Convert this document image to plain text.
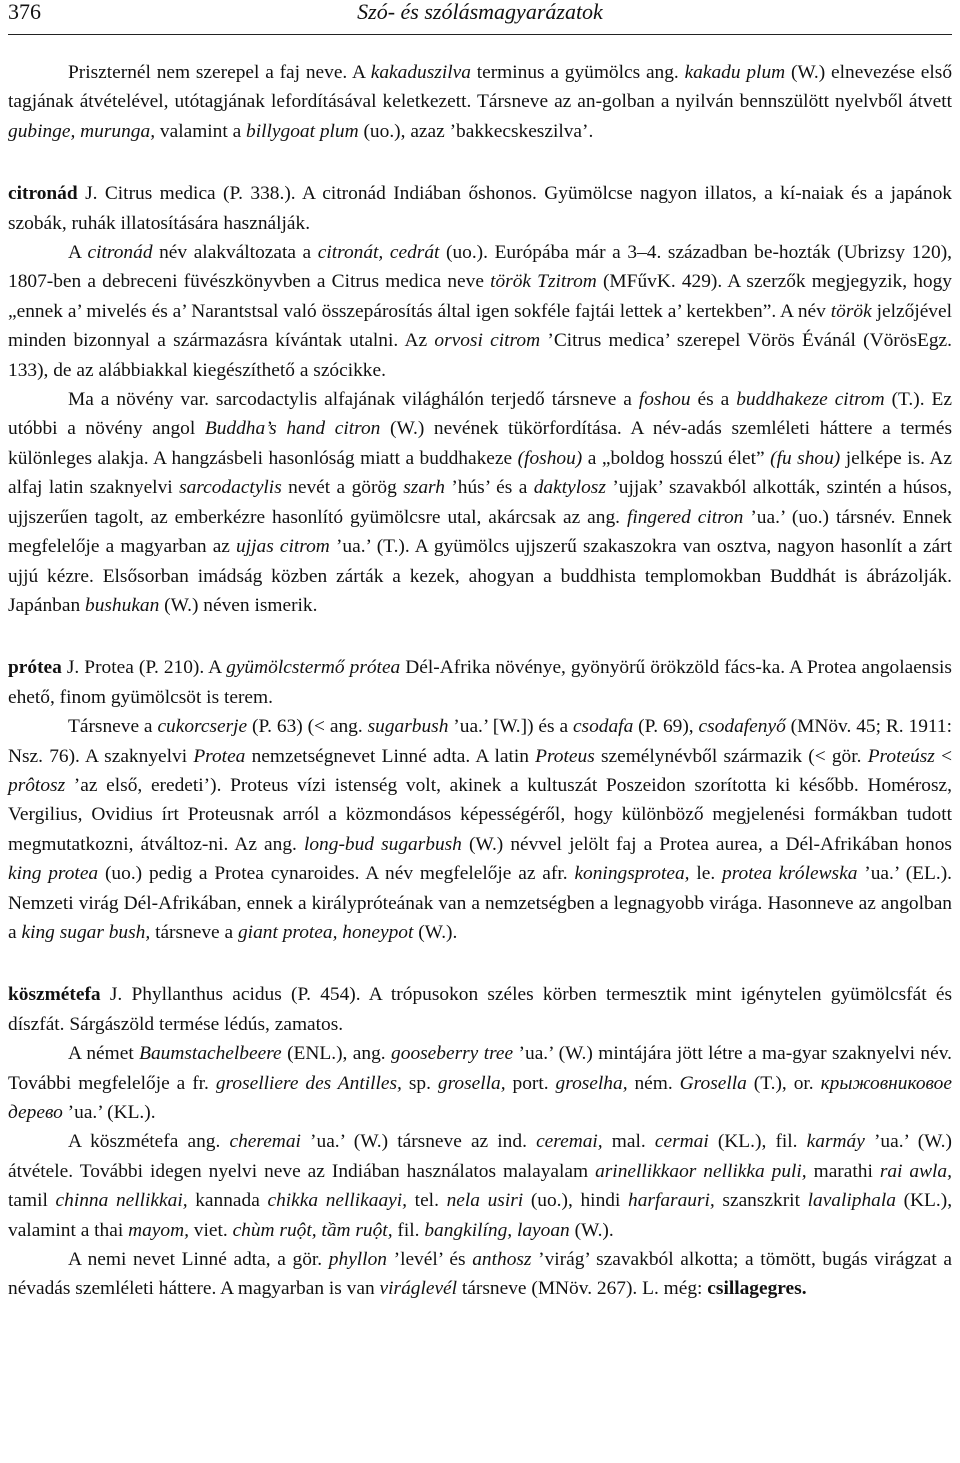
376	Szó- és szólásmagyarázatok

Priszternél nem szerepel a faj neve. A kakaduszilva terminus a gyümölcs ang. kakadu plum (W.) elnevezése első tagjának átvételével, utótagjának lefordításával keletkezett. Társneve az an-golban a nyilván bennszülött nyelvből átvett gubinge, murunga, valamint a billygoat plum (uo.), azaz ’bakkecskeszilva’.

citronád J. Citrus medica (P. 338.). A citronád Indiában őshonos. Gyümölcse nagyon illatos, a kí-naiak és a japánok szobák, ruhák illatosítására használják.

A citronád név alakváltozata a citronát, cedrát (uo.). Európába már a 3–4. században be-hozták (Ubrizsy 120), 1807-ben a debreceni füvészkönyvben a Citrus medica neve török Tzitrom (MFűvK. 429). A szerzők megjegyzik, hogy „ennek a’ mivelés és a’ Narantstsal való összepárosítás által igen sokféle fajtái lettek a’ kertekben”. A név török jelzőjével minden bizonnyal a származásra kívántak utalni. Az orvosi citrom ’Citrus medica’ szerepel Vörös Évánál (VörösEgz. 133), de az alábbiakkal kiegészíthető a szócikke.

Ma a növény var. sarcodactylis alfajának világhálón terjedő társneve a foshou és a buddhakeze citrom (T.). Ez utóbbi a növény angol Buddha’s hand citron (W.) nevének tükörfordítása. A név-adás szemléleti háttere a termés különleges alakja. A hangzásbeli hasonlóság miatt a buddhakeze (foshou) a „boldog hosszú élet” (fu shou) jelképe is. Az alfaj latin szaknyelvi sarcodactylis nevét a görög szarh ’hús’ és a daktylosz ’ujjak’ szavakból alkották, szintén a húsos, ujjszerűen tagolt, az emberkézre hasonlító gyümölcsre utal, akárcsak az ang. fingered citron ’ua.’ (uo.) társnév. Ennek megfelelője a magyarban az ujjas citrom ’ua.’ (T.). A gyümölcs ujjszerű szakaszokra van osztva, nagyon hasonlít a zárt ujjú kézre. Elsősorban imádság közben zárták a kezek, ahogyan a buddhista templomokban Buddhát is ábrázolják. Japánban bushukan (W.) néven ismerik.

prótea J. Protea (P. 210). A gyümölcstermő prótea Dél-Afrika növénye, gyönyörű örökzöld fács-ka. A Protea angolaensis ehető, finom gyümölcsöt is terem.

Társneve a cukorcserje (P. 63) (< ang. sugarbush ’ua.’ [W.]) és a csodafa (P. 69), csodafenyő (MNöv. 45; R. 1911: Nsz. 76). A szaknyelvi Protea nemzetségnevet Linné adta. A latin Proteus személynévből származik (< gör. Proteúsz < prôtosz ’az első, eredeti’). Proteus vízi istenség volt, akinek a kultuszát Poszeidon szorította ki később. Homérosz, Vergilius, Ovidius írt Proteusnak arról a közmondásos képességéről, hogy különböző megjelenési formákban tudott megmutatkozni, átváltoz-ni. Az ang. long-bud sugarbush (W.) névvel jelölt faj a Protea aurea, a Dél-Afrikában honos king protea (uo.) pedig a Protea cynaroides. A név megfelelője az afr. koningsprotea, le. protea królewska ’ua.’ (EL.). Nemzeti virág Dél-Afrikában, ennek a királypróteának van a nemzetségben a legnagyobb virága. Hasonneve az angolban a king sugar bush, társneve a giant protea, honeypot (W.).

köszmétefa J. Phyllanthus acidus (P. 454). A trópusokon széles körben termesztik mint igénytelen gyümölcsfát és díszfát. Sárgászöld termése lédús, zamatos.

A német Baumstachelbeere (ENL.), ang. gooseberry tree ’ua.’ (W.) mintájára jött létre a ma-gyar szaknyelvi név. További megfelelője a fr. groselliere des Antilles, sp. grosella, port. groselha, ném. Grosella (T.), or. крыжовниковое дерево ’ua.’ (KL.).

A köszmétefa ang. cheremai ’ua.’ (W.) társneve az ind. ceremai, mal. cermai (KL.), fil. karmáy ’ua.’ (W.) átvétele. További idegen nyelvi neve az Indiában használatos malayalam arinellikkaor nellikka puli, marathi rai awla, tamil chinna nellikkai, kannada chikka nellikaayi, tel. nela usiri (uo.), hindi harfarauri, szanszkrit lavaliphala (KL.), valamint a thai mayom, viet. chùm ruột, tầm ruột, fil. bangkilíng, layoan (W.).

A nemi nevet Linné adta, a gör. phyllon ’levél’ és anthosz ’virág’ szavakból alkotta; a tömött, bugás virágzat a névadás szemléleti háttere. A magyarban is van viráglevél társneve (MNöv. 267). L. még: csillagegres.
